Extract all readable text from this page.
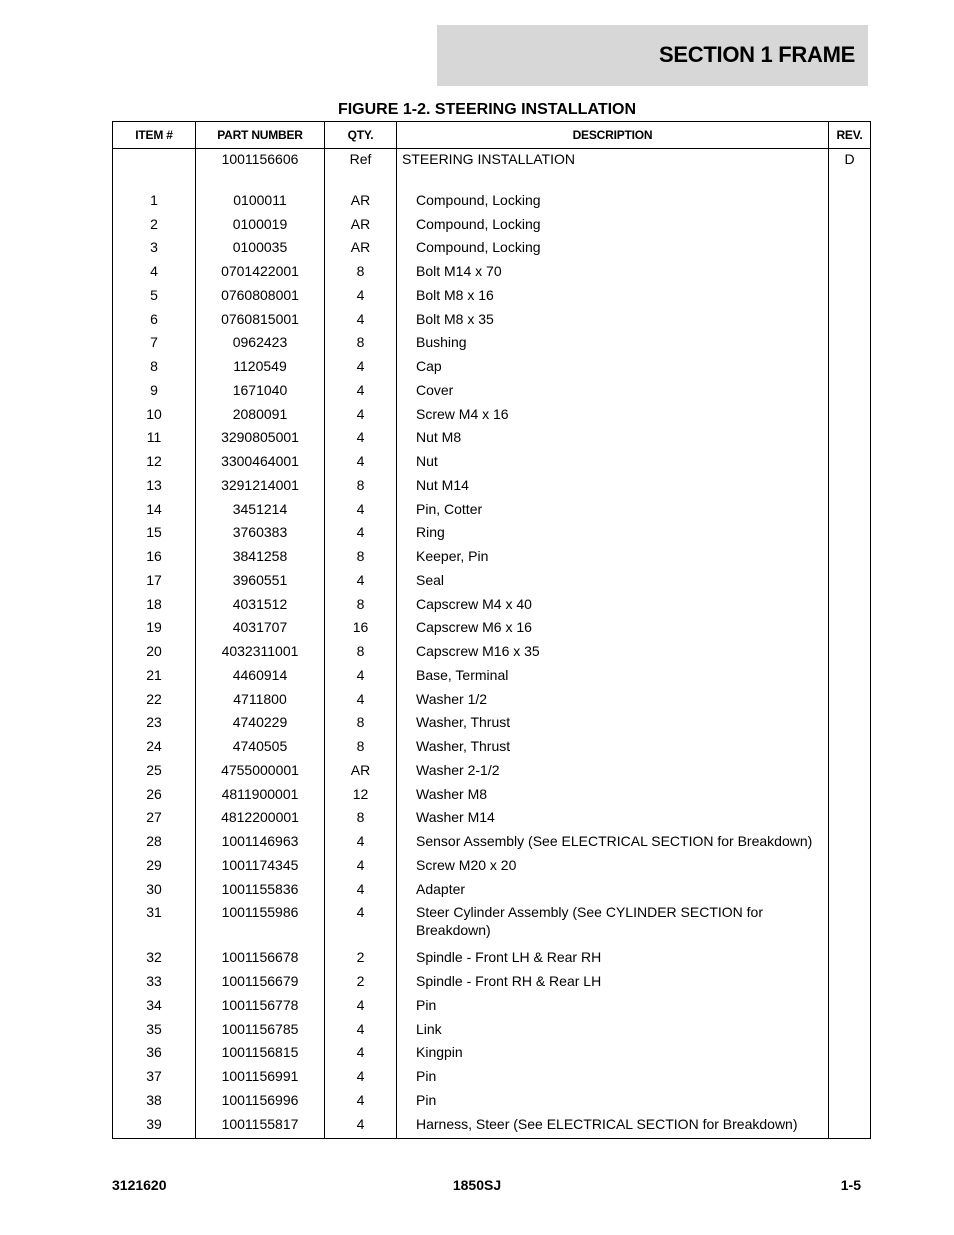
SECTION 1 FRAME
FIGURE 1-2. STEERING INSTALLATION
ITEM #	PART NUMBER	QTY.	DESCRIPTION	REV.
	1001156606	Ref	STEERING INSTALLATION	D

1	0100011	AR	Compound, Locking	
2	0100019	AR	Compound, Locking	
3	0100035	AR	Compound, Locking	
4	0701422001	8	Bolt M14 x 70	
5	0760808001	4	Bolt M8 x 16	
6	0760815001	4	Bolt M8 x 35	
7	0962423	8	Bushing	
8	1120549	4	Cap	
9	1671040	4	Cover	
10	2080091	4	Screw M4 x 16	
11	3290805001	4	Nut M8	
12	3300464001	4	Nut	
13	3291214001	8	Nut M14	
14	3451214	4	Pin, Cotter	
15	3760383	4	Ring	
16	3841258	8	Keeper, Pin	
17	3960551	4	Seal	
18	4031512	8	Capscrew M4 x 40	
19	4031707	16	Capscrew M6 x 16	
20	4032311001	8	Capscrew M16 x 35	
21	4460914	4	Base, Terminal	
22	4711800	4	Washer 1/2	
23	4740229	8	Washer, Thrust	
24	4740505	8	Washer, Thrust	
25	4755000001	AR	Washer 2-1/2	
26	4811900001	12	Washer M8	
27	4812200001	8	Washer M14	
28	1001146963	4	Sensor Assembly (See ELECTRICAL SECTION for Breakdown)	
29	1001174345	4	Screw M20 x 20	
30	1001155836	4	Adapter	
31	1001155986	4	Steer Cylinder Assembly (See CYLINDER SECTION for Breakdown)	
32	1001156678	2	Spindle - Front LH & Rear RH	
33	1001156679	2	Spindle - Front RH & Rear LH	
34	1001156778	4	Pin	
35	1001156785	4	Link	
36	1001156815	4	Kingpin	
37	1001156991	4	Pin	
38	1001156996	4	Pin	
39	1001155817	4	Harness, Steer (See ELECTRICAL SECTION for Breakdown)	

3121620	1850SJ	1-5
